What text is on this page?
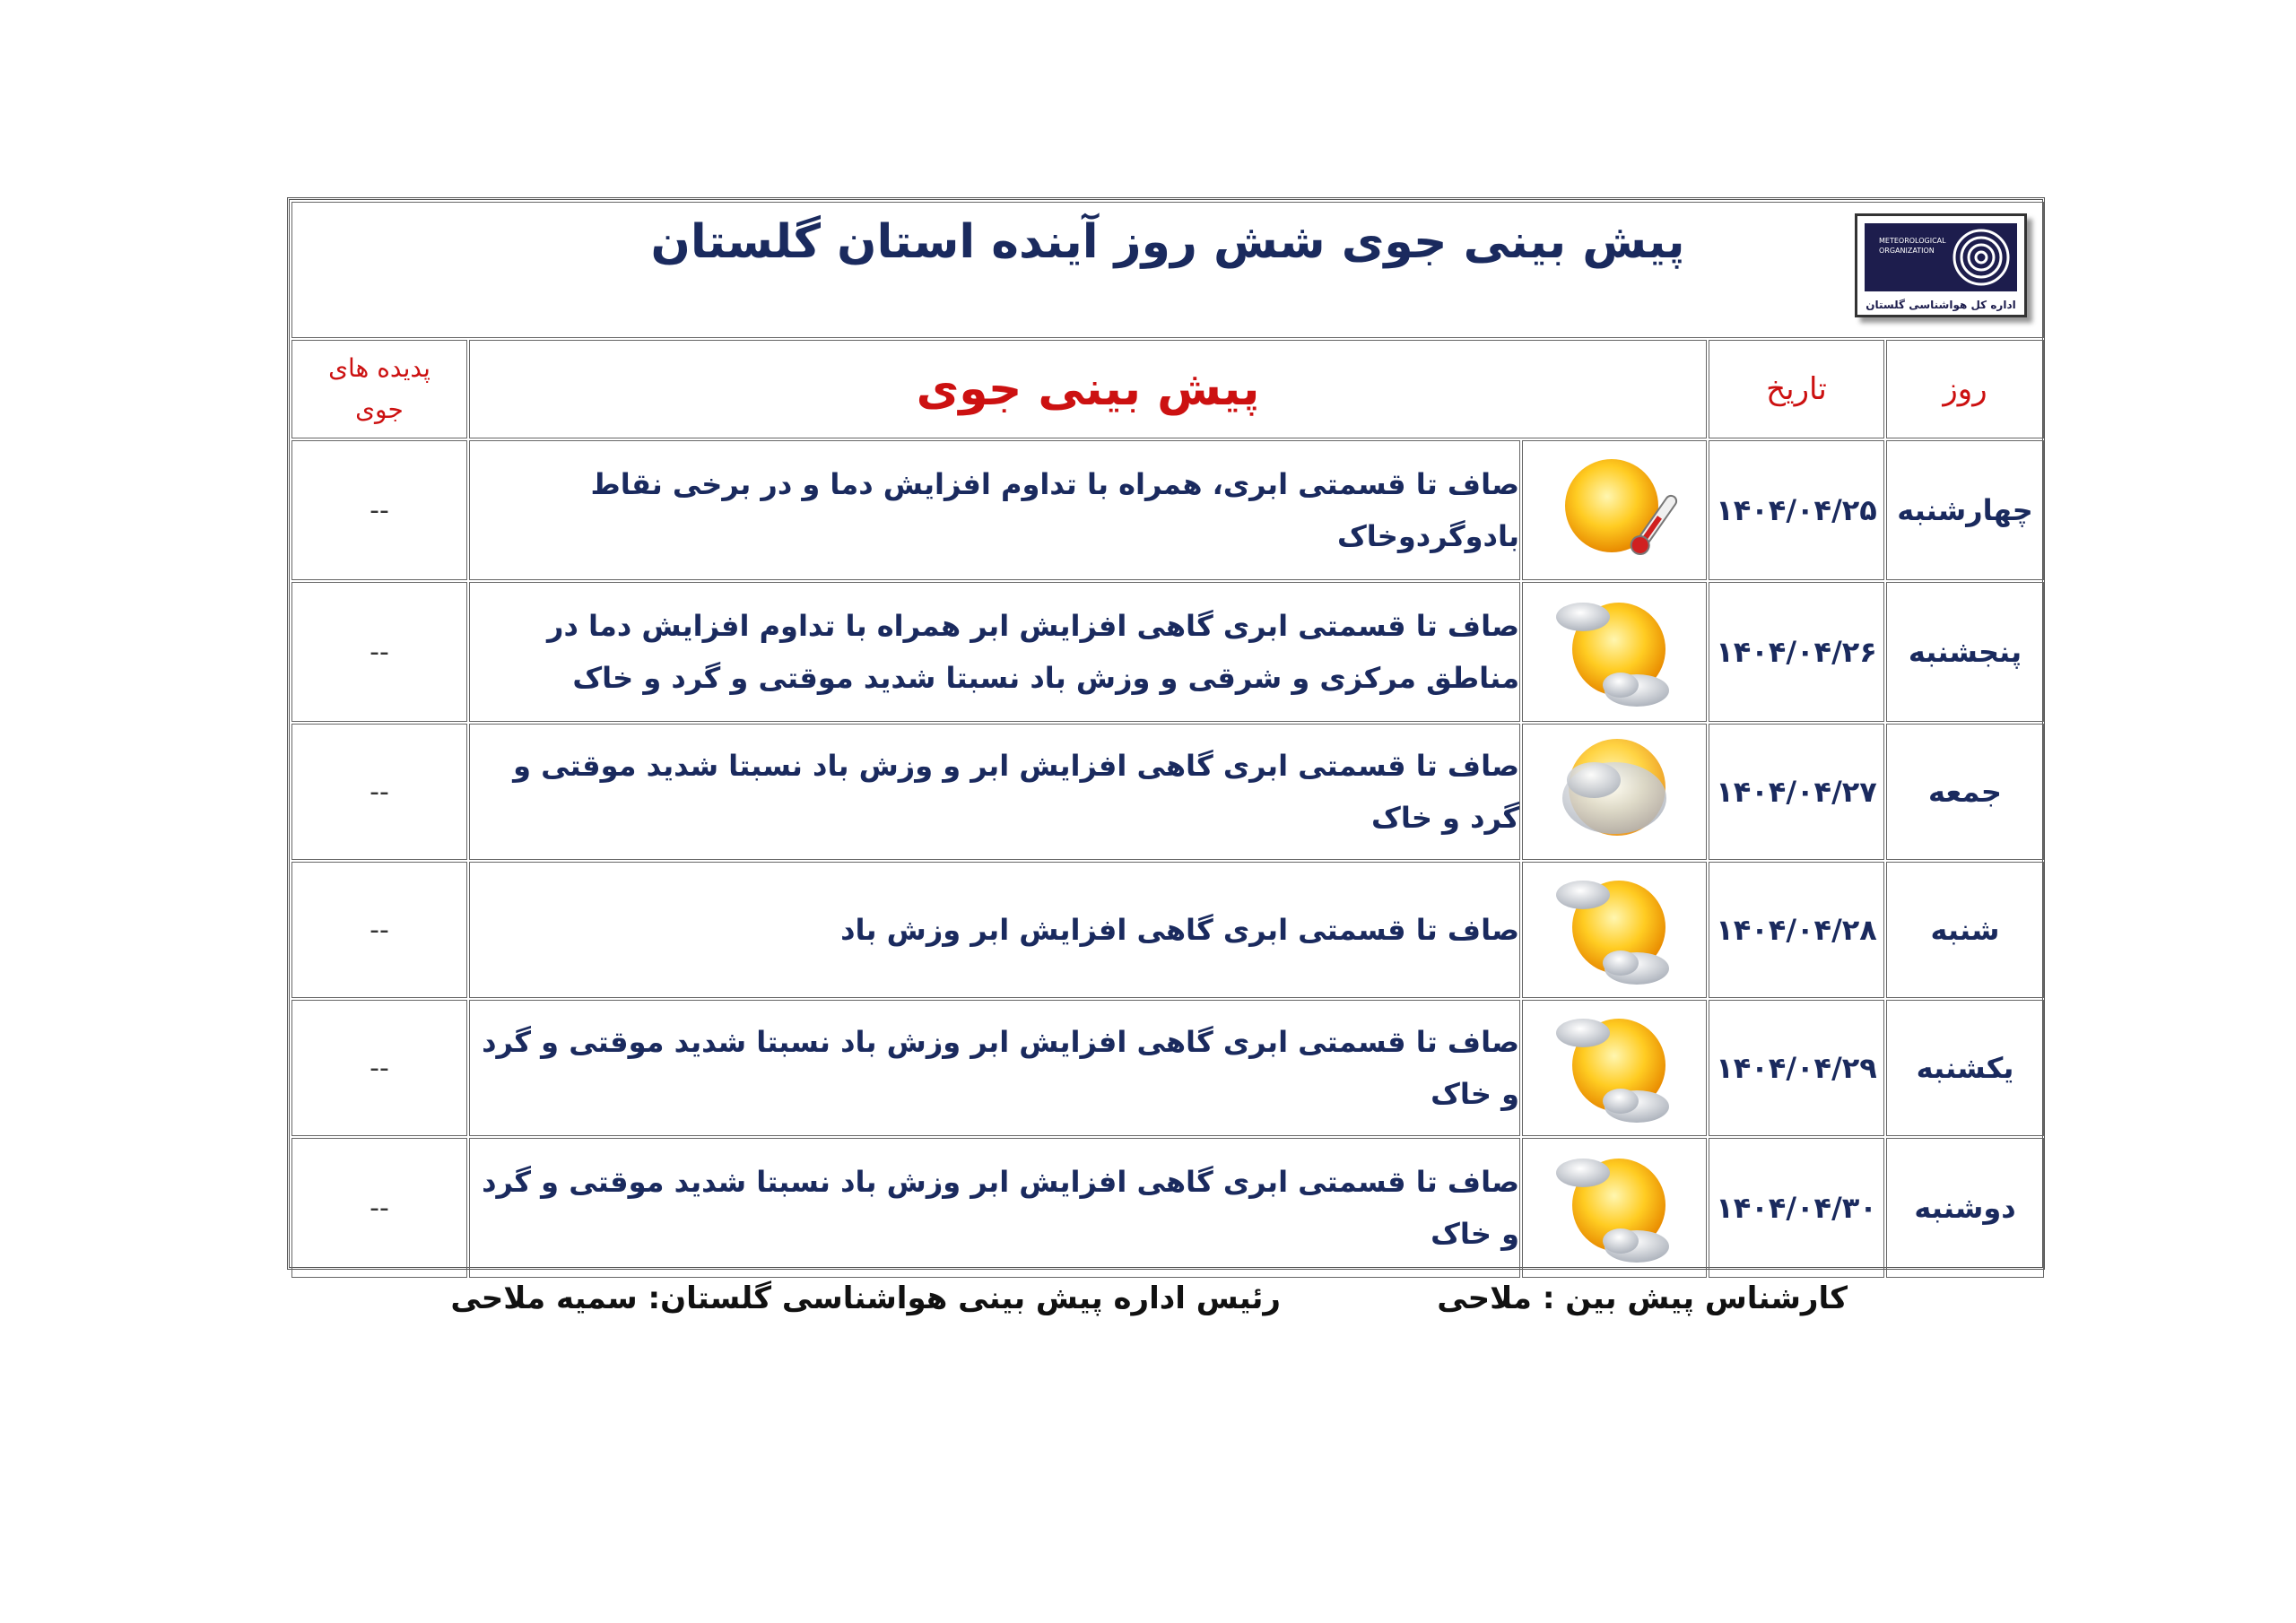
METEOROLOGICAL ORGANIZATION
اداره کل هواشناسی گلستان
پیش بینی جوی شش روز آینده استان گلستان				

روز	تاریخ	پیش بینی جوی		پدیده های
جوی

چهارشنبه	۱۴۰۴/۰۴/۲۵		صاف تا قسمتی ابری، همراه با تداوم افزایش دما و در برخی نقاط بادوگردوخاک	--
پنجشنبه	۱۴۰۴/۰۴/۲۶		صاف تا قسمتی ابری گاهی افزایش ابر همراه با تداوم افزایش دما در مناطق مرکزی و شرقی و وزش باد نسبتا شدید موقتی و گرد و خاک	--
جمعه	۱۴۰۴/۰۴/۲۷		صاف تا قسمتی ابری گاهی افزایش ابر و وزش باد نسبتا شدید موقتی و گرد و خاک	--
شنبه	۱۴۰۴/۰۴/۲۸		صاف تا قسمتی ابری گاهی افزایش ابر وزش باد	--
یکشنبه	۱۴۰۴/۰۴/۲۹		صاف تا قسمتی ابری گاهی افزایش ابر وزش باد نسبتا شدید موقتی و گرد و خاک	--
دوشنبه	۱۴۰۴/۰۴/۳۰		صاف تا قسمتی ابری گاهی افزایش ابر وزش باد نسبتا شدید موقتی و گرد و خاک	--
کارشناس پیش بین : ملاحی
رئیس اداره پیش بینی هواشناسی گلستان: سمیه ملاحی
